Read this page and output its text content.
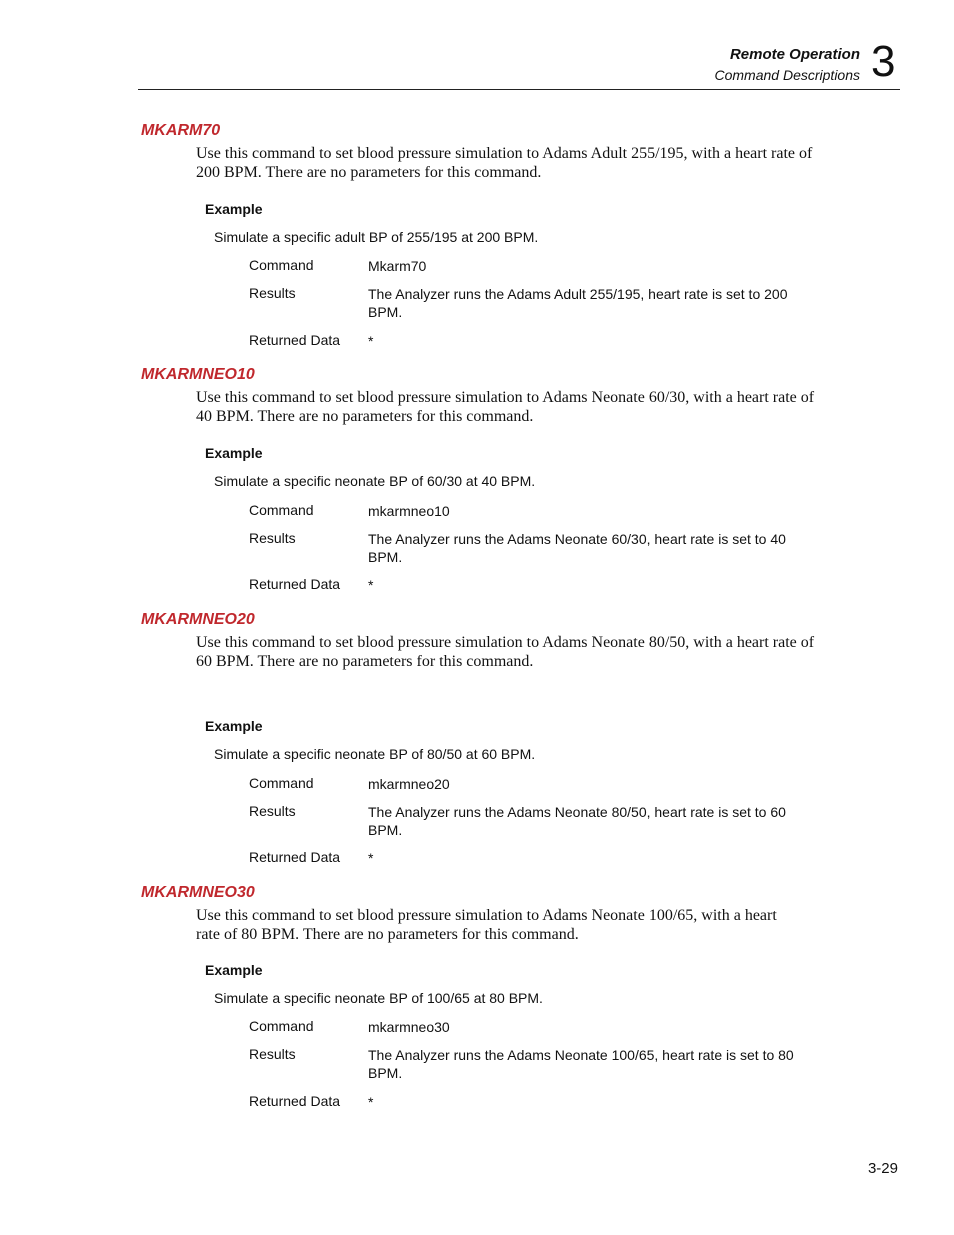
Remote Operation
Command Descriptions 3
MKARM70

Use this command to set blood pressure simulation to Adams Adult 255/195, with a heart rate of 200 BPM. There are no parameters for this command.

Example
Simulate a specific adult BP of 255/195 at 200 BPM.
Command	Mkarm70
Results	The Analyzer runs the Adams Adult 255/195, heart rate is set to 200 BPM.
Returned Data *
MKARMNEO10

Use this command to set blood pressure simulation to Adams Neonate 60/30, with a heart rate of 40 BPM. There are no parameters for this command.

Example
Simulate a specific neonate BP of 60/30 at 40 BPM.
Command	mkarmneo10
Results	The Analyzer runs the Adams Neonate 60/30, heart rate is set to 40 BPM.
Returned Data *
MKARMNEO20

Use this command to set blood pressure simulation to Adams Neonate 80/50, with a heart rate of 60 BPM. There are no parameters for this command.

Example
Simulate a specific neonate BP of 80/50 at 60 BPM.
Command	mkarmneo20
Results	The Analyzer runs the Adams Neonate 80/50, heart rate is set to 60 BPM.
Returned Data *
MKARMNEO30

Use this command to set blood pressure simulation to Adams Neonate 100/65, with a heart rate of 80 BPM. There are no parameters for this command.

Example
Simulate a specific neonate BP of 100/65 at 80 BPM.
Command	mkarmneo30
Results	The Analyzer runs the Adams Neonate 100/65, heart rate is set to 80 BPM.
Returned Data *
3-29
